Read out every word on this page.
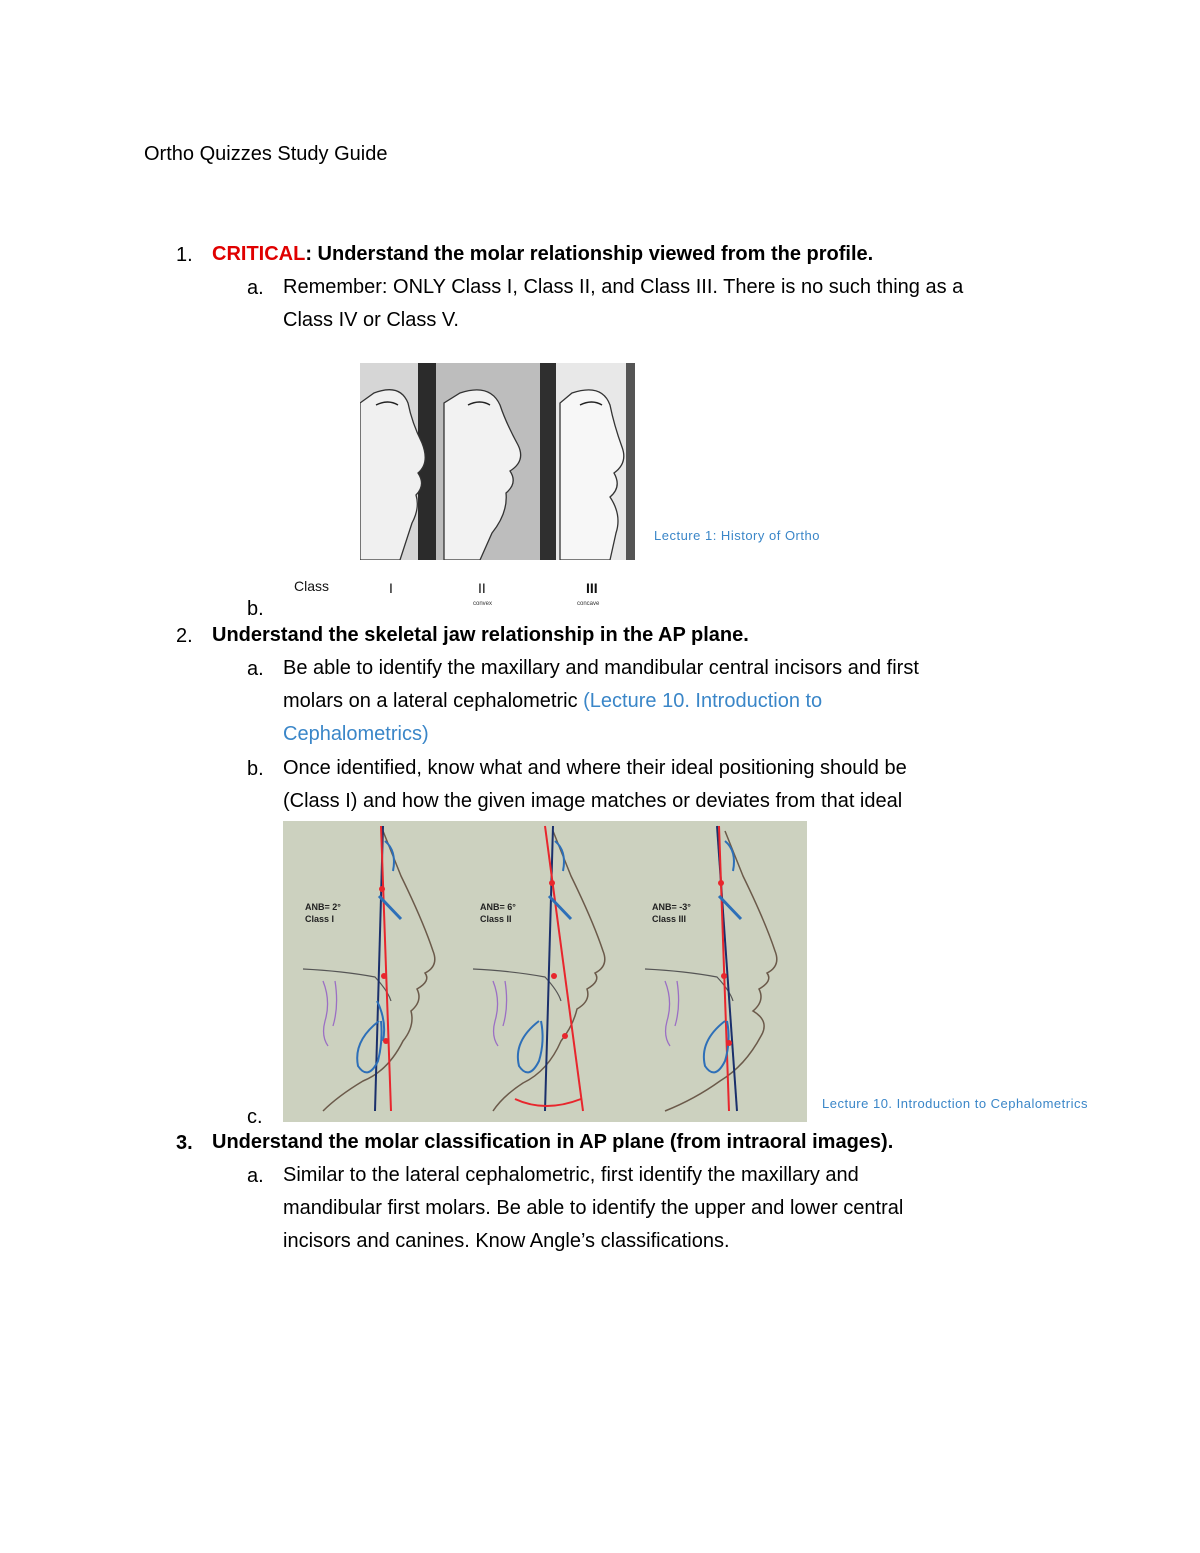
Ortho Quizzes Study Guide
1. CRITICAL: Understand the molar relationship viewed from the profile.
a. Remember: ONLY Class I, Class II, and Class III. There is no such thing as a
Class IV or Class V.
Class	I	II	III
convex	concave
Lecture 1: History of Ortho
b.
2. Understand the skeletal jaw relationship in the AP plane.
a. Be able to identify the maxillary and mandibular central incisors and first
molars on a lateral cephalometric (Lecture 10. Introduction to
Cephalometrics)
b. Once identified, know what and where their ideal positioning should be
(Class I) and how the given image matches or deviates from that ideal
ANB= 2°
Class I
ANB= 6°
Class II
ANB= -3°
Class III
Lecture 10. Introduction to Cephalometrics
c.
3. Understand the molar classification in AP plane (from intraoral images).
a. Similar to the lateral cephalometric, first identify the maxillary and
mandibular first molars. Be able to identify the upper and lower central
incisors and canines. Know Angle’s classifications.
